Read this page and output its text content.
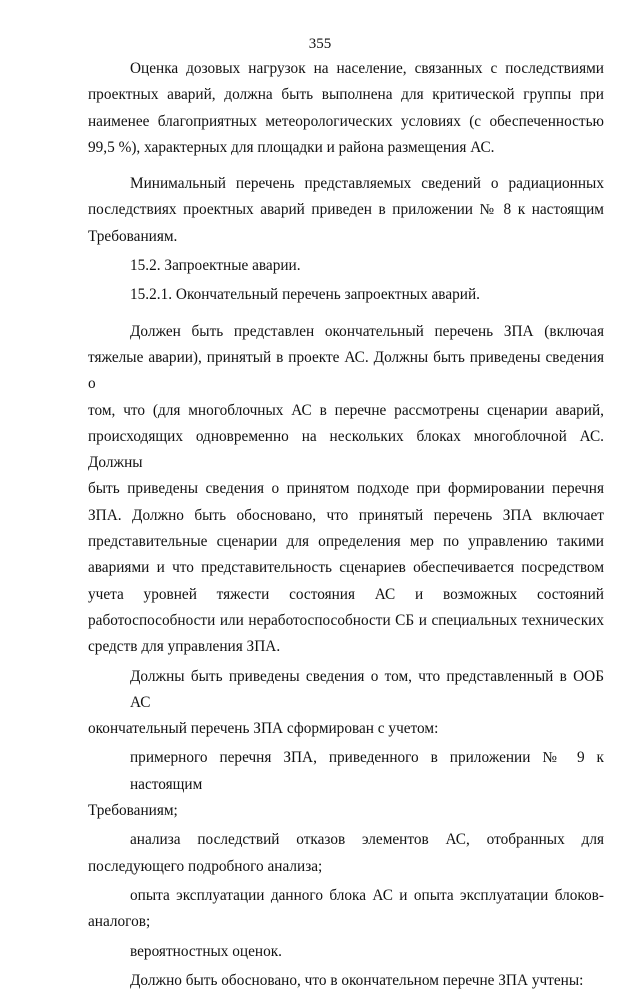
355
Оценка дозовых нагрузок на население, связанных с последствиями
проектных аварий, должна быть выполнена для критической группы при
наименее благоприятных метеорологических условиях (с обеспеченностью
99,5 %), характерных для площадки и района размещения АС.
Минимальный перечень представляемых сведений о радиационных
последствиях проектных аварий приведен в приложении № 8 к настоящим
Требованиям.
15.2. Запроектные аварии.
15.2.1. Окончательный перечень запроектных аварий.
Должен быть представлен окончательный перечень ЗПА (включая
тяжелые аварии), принятый в проекте АС. Должны быть приведены сведения о
том, что (для многоблочных АС в перечне рассмотрены сценарии аварий,
происходящих одновременно на нескольких блоках многоблочной АС. Должны
быть приведены сведения о принятом подходе при формировании перечня
ЗПА. Должно быть обосновано, что принятый перечень ЗПА включает
представительные сценарии для определения мер по управлению такими
авариями и что представительность сценариев обеспечивается посредством
учета уровней тяжести состояния АС и возможных состояний
работоспособности или неработоспособности СБ и специальных технических
средств для управления ЗПА.
Должны быть приведены сведения о том, что представленный в ООБ АС
окончательный перечень ЗПА сформирован с учетом:
примерного перечня ЗПА, приведенного в приложении № 9 к настоящим
Требованиям;
анализа последствий отказов элементов АС, отобранных для
последующего подробного анализа;
опыта эксплуатации данного блока АС и опыта эксплуатации блоков-
аналогов;
вероятностных оценок.
Должно быть обосновано, что в окончательном перечне ЗПА учтены:
